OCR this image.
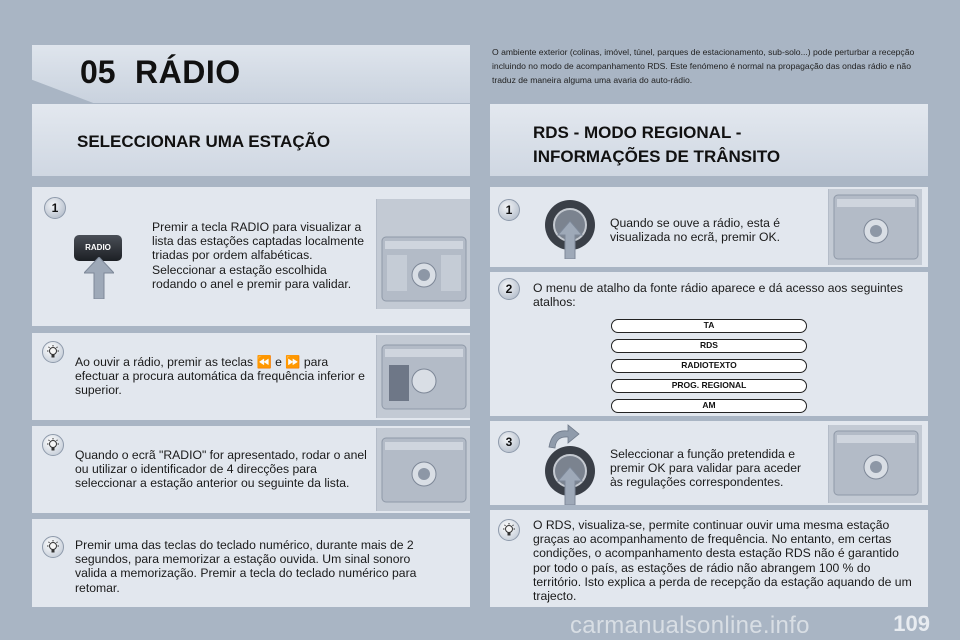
05 RÁDIO
O ambiente exterior (colinas, imóvel, túnel, parques de estacionamento, sub-solo...) pode perturbar a recepção incluindo no modo de acompanhamento RDS. Este fenómeno é normal na propagação das ondas rádio e não traduz de maneira alguma uma avaria do auto-rádio.
SELECCIONAR UMA ESTAÇÃO
1
RADIO
Premir a tecla RADIO para visualizar a lista das estações captadas localmente triadas por ordem alfabéticas. Seleccionar a estação escolhida rodando o anel e premir para validar.
Ao ouvir a rádio, premir as teclas ⏪ e ⏩ para efectuar a procura automática da frequência inferior e superior.
Quando o ecrã "RADIO" for apresentado, rodar o anel ou utilizar o identificador de 4 direcções para seleccionar a estação anterior ou seguinte da lista.
Premir uma das teclas do teclado numérico, durante mais de 2 segundos, para memorizar a estação ouvida. Um sinal sonoro valida a memorização. Premir a tecla do teclado numérico para retomar.
RDS - MODO REGIONAL -
INFORMAÇÕES DE TRÂNSITO
1
Quando se ouve a rádio, esta é visualizada no ecrã, premir OK.
2	O menu de atalho da fonte rádio aparece e dá acesso aos seguintes atalhos:
TA
RDS
RADIOTEXTO
PROG. REGIONAL
AM
3
Seleccionar a função pretendida e premir OK para validar para aceder às regulações correspondentes.
O RDS, visualiza-se, permite continuar ouvir uma mesma estação graças ao acompanhamento de frequência. No entanto, em certas condições, o acompanhamento desta estação RDS não é garantido por todo o país, as estações de rádio não abrangem 100 % do território. Isto explica a perda de recepção da estação aquando de um trajecto.
carmanualsonline.info	109
